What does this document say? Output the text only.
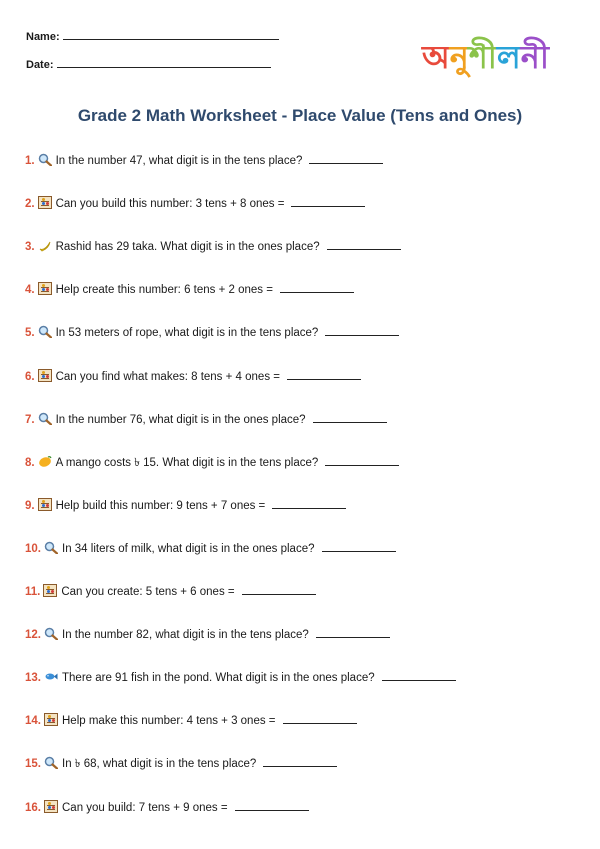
Name:
Date:	অনুশীলনী
Grade 2 Math Worksheet - Place Value (Tens and Ones)
1. In the number 47, what digit is in the tens place?
2. Can you build this number: 3 tens + 8 ones =
3. Rashid has 29 taka. What digit is in the ones place?
4. Help create this number: 6 tens + 2 ones =
5. In 53 meters of rope, what digit is in the tens place?
6. Can you find what makes: 8 tens + 4 ones =
7. In the number 76, what digit is in the ones place?
8. A mango costs ৳ 15. What digit is in the tens place?
9. Help build this number: 9 tens + 7 ones =
10. In 34 liters of milk, what digit is in the ones place?
11. Can you create: 5 tens + 6 ones =
12. In the number 82, what digit is in the tens place?
13. There are 91 fish in the pond. What digit is in the ones place?
14. Help make this number: 4 tens + 3 ones =
15. In ৳ 68, what digit is in the tens place?
16. Can you build: 7 tens + 9 ones =
